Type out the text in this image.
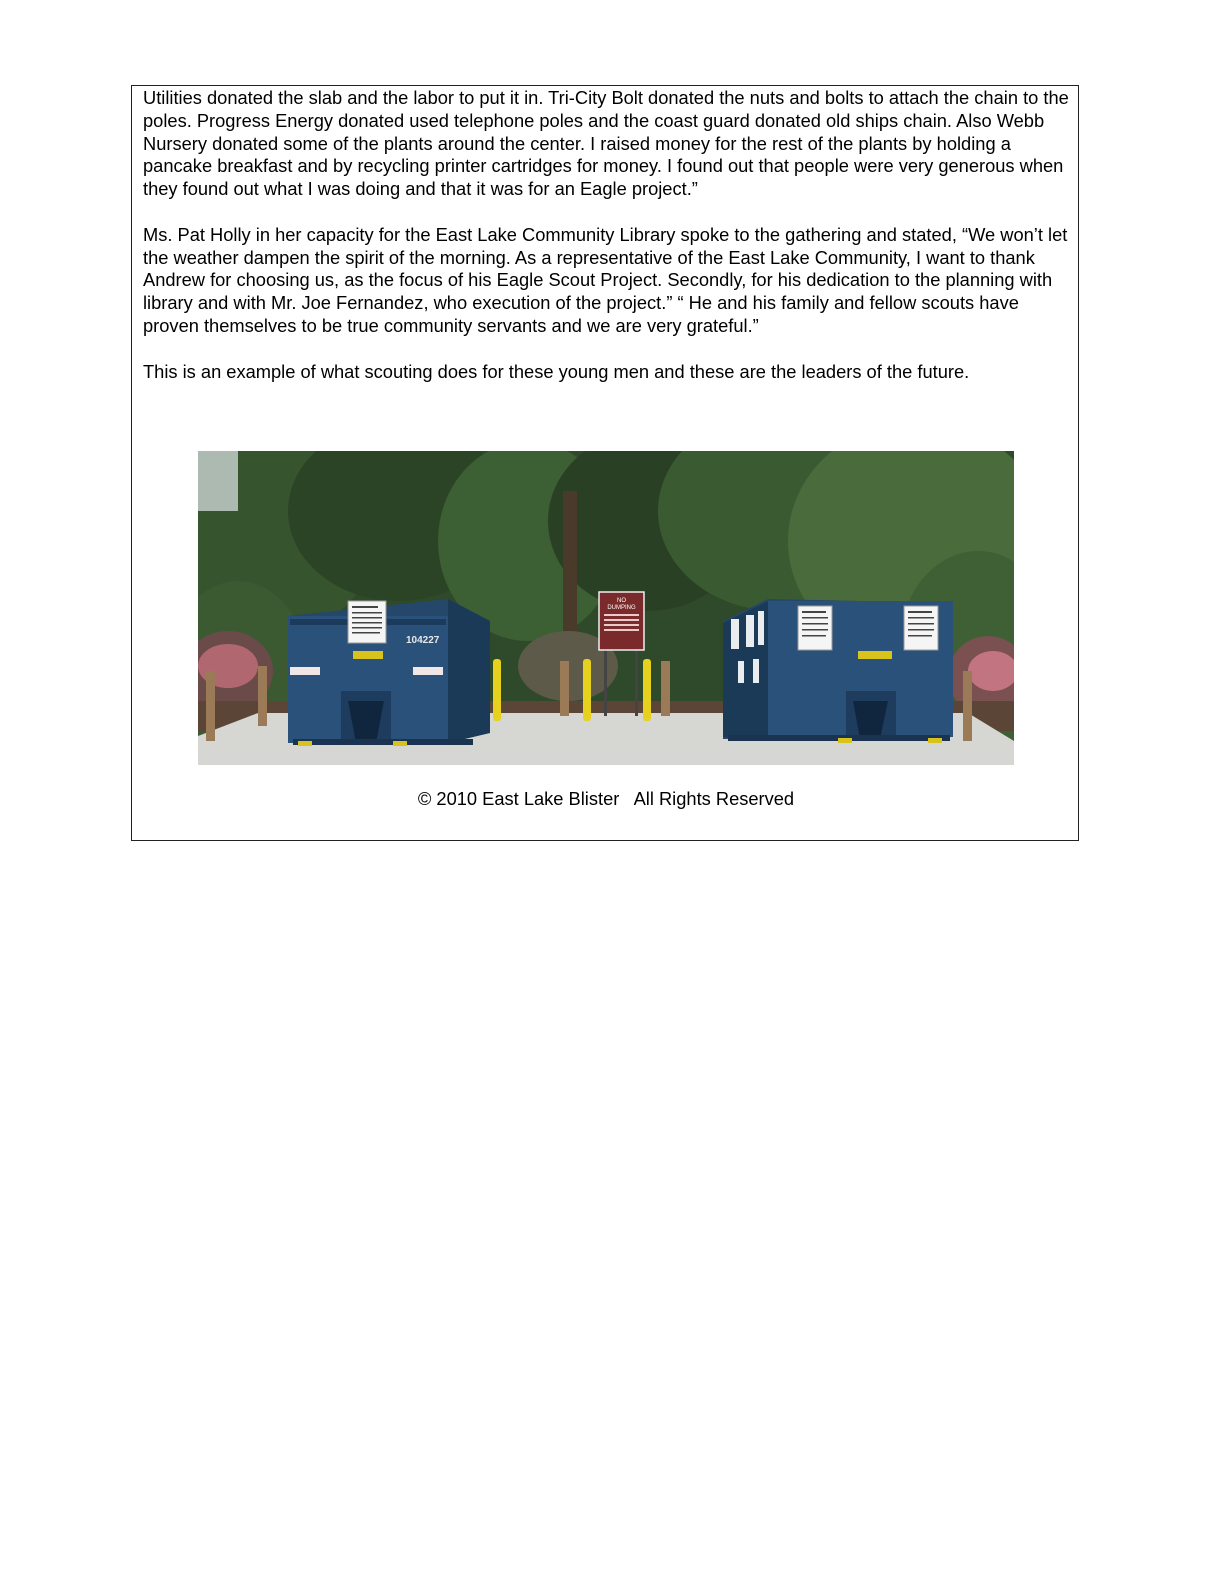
Utilities donated the slab and the labor to put it in. Tri-City Bolt donated the nuts and bolts to attach the chain to the poles. Progress Energy donated used telephone poles and the coast guard donated old ships chain. Also Webb Nursery donated some of the plants around the center. I raised money for the rest of the plants by holding a pancake breakfast and by recycling printer cartridges for money. I found out that people were very generous when they found out what I was doing and that it was for an Eagle project.”

Ms. Pat Holly in her capacity for the East Lake Community Library spoke to the gathering and stated, “We won’t let the weather dampen the spirit of the morning. As a representative of the East Lake Community, I want to thank Andrew for choosing us, as the focus of his Eagle Scout Project. Secondly, for his dedication to the planning with library and with Mr. Joe Fernandez, who execution of the project.” “ He and his family and fellow scouts have proven themselves to be true community servants and we are very grateful.”

This is an example of what scouting does for these young men and these are the leaders of the future.

NO
DUMPING
104227
© 2010 East Lake Blister   All Rights Reserved
